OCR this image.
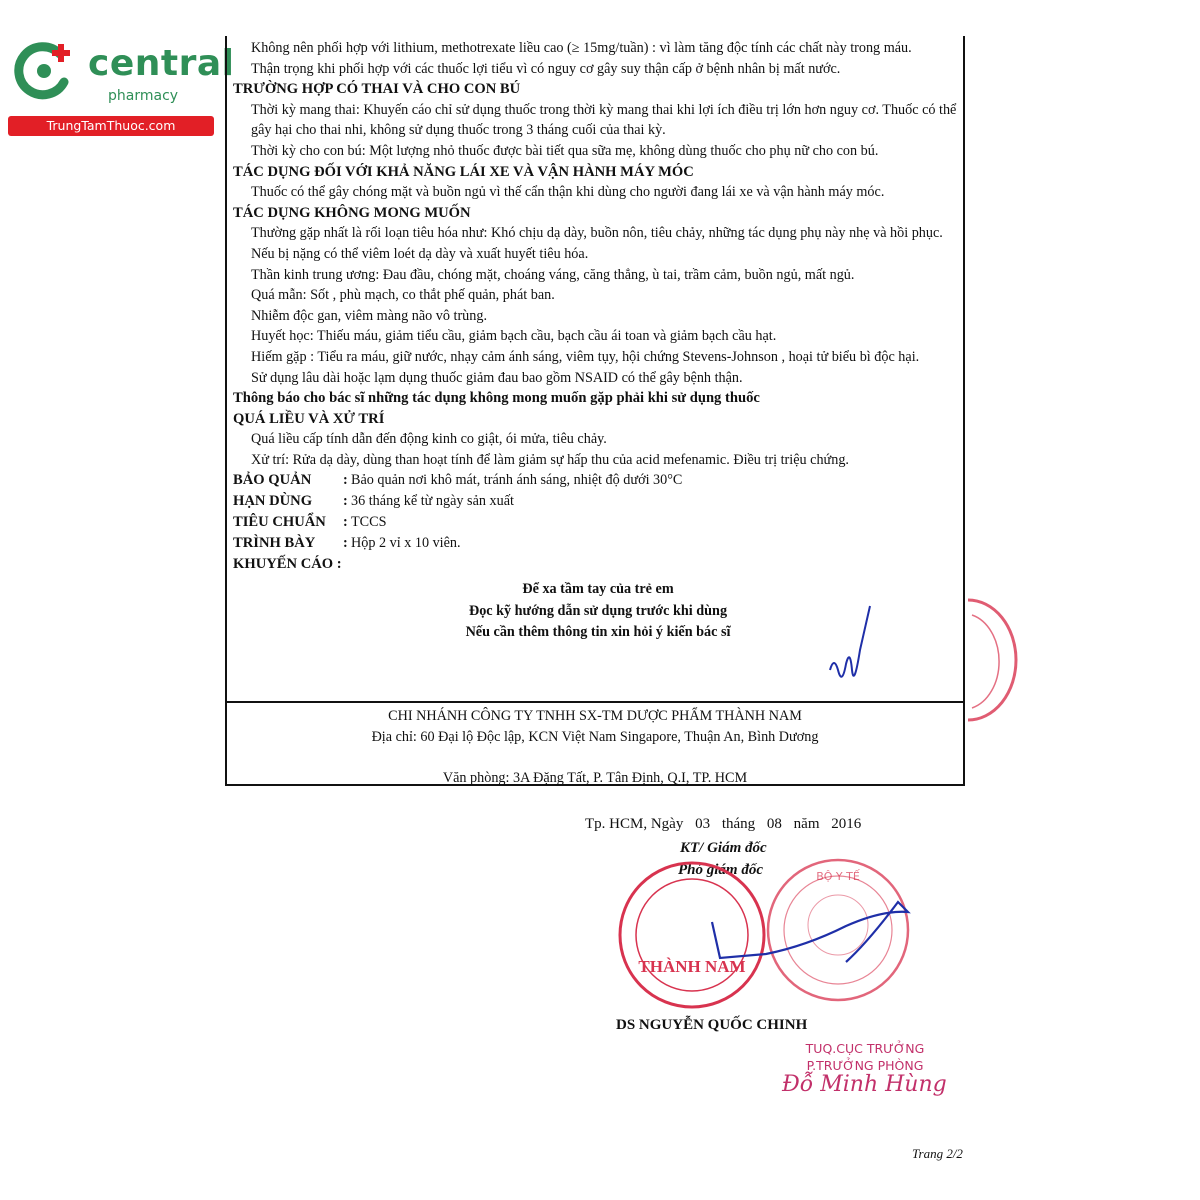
central
pharmacy
TrungTamThuoc.com

Không nên phối hợp với lithium, methotrexate liều cao (≥ 15mg/tuần) : vì làm tăng độc tính các chất này trong máu.

Thận trọng khi phối hợp với các thuốc lợi tiểu vì có nguy cơ gây suy thận cấp ở bệnh nhân bị mất nước.

TRƯỜNG HỢP CÓ THAI VÀ CHO CON BÚ

Thời kỳ mang thai: Khuyến cáo chỉ sử dụng thuốc trong thời kỳ mang thai khi lợi ích điều trị lớn hơn nguy cơ. Thuốc có thể gây hại cho thai nhi, không sử dụng thuốc trong 3 tháng cuối của thai kỳ.

Thời kỳ cho con bú: Một lượng nhỏ thuốc được bài tiết qua sữa mẹ, không dùng thuốc cho phụ nữ cho con bú.

TÁC DỤNG ĐỐI VỚI KHẢ NĂNG LÁI XE VÀ VẬN HÀNH MÁY MÓC

Thuốc có thể gây chóng mặt và buồn ngủ vì thế cẩn thận khi dùng cho người đang lái xe và vận hành máy móc.

TÁC DỤNG KHÔNG MONG MUỐN

Thường gặp nhất là rối loạn tiêu hóa như: Khó chịu dạ dày, buồn nôn, tiêu chảy, những tác dụng phụ này nhẹ và hồi phục. Nếu bị nặng có thể viêm loét dạ dày và xuất huyết tiêu hóa.

Thần kinh trung ương: Đau đầu, chóng mặt, choáng váng, căng thẳng, ù tai, trầm cảm, buồn ngủ, mất ngủ.

Quá mẫn: Sốt , phù mạch, co thắt phế quản, phát ban.

Nhiễm độc gan, viêm màng não vô trùng.

Huyết học: Thiếu máu, giảm tiểu cầu, giảm bạch cầu, bạch cầu ái toan và giảm bạch cầu hạt.

Hiếm gặp : Tiểu ra máu, giữ nước, nhạy cảm ánh sáng, viêm tụy, hội chứng Stevens-Johnson , hoại tử biểu bì độc hại.

Sử dụng lâu dài hoặc lạm dụng thuốc giảm đau bao gồm NSAID có thể gây bệnh thận.

Thông báo cho bác sĩ những tác dụng không mong muốn gặp phải khi sử dụng thuốc

QUÁ LIỀU VÀ XỬ TRÍ

Quá liều cấp tính dẫn đến động kinh co giật, ói mửa, tiêu chảy.

Xử trí: Rửa dạ dày, dùng than hoạt tính để làm giảm sự hấp thu của acid mefenamic. Điều trị triệu chứng.

BẢO QUẢN	: Bảo quản nơi khô mát, tránh ánh sáng, nhiệt độ dưới 30°C
HẠN DÙNG	: 36 tháng kể từ ngày sản xuất
TIÊU CHUẨN	: TCCS
TRÌNH BÀY	: Hộp 2 vỉ x 10 viên.

KHUYẾN CÁO :

Để xa tầm tay của trẻ em
Đọc kỹ hướng dẫn sử dụng trước khi dùng
Nếu cần thêm thông tin xin hỏi ý kiến bác sĩ
CHI NHÁNH CÔNG TY TNHH SX-TM DƯỢC PHẨM THÀNH NAM
Địa chỉ: 60 Đại lộ Độc lập, KCN Việt Nam Singapore, Thuận An, Bình Dương
Văn phòng: 3A Đặng Tất, P. Tân Định, Q.I, TP. HCM
Tp. HCM, Ngày 03 tháng 08 năm 2016
KT/ Giám đốc
Phó giám đốc
THÀNH NAM
BỘ Y TẾ
DS NGUYỄN QUỐC CHINH
TUQ.CỤC TRƯỞNG
P.TRƯỞNG PHÒNG
Đỗ Minh Hùng
Trang 2/2
